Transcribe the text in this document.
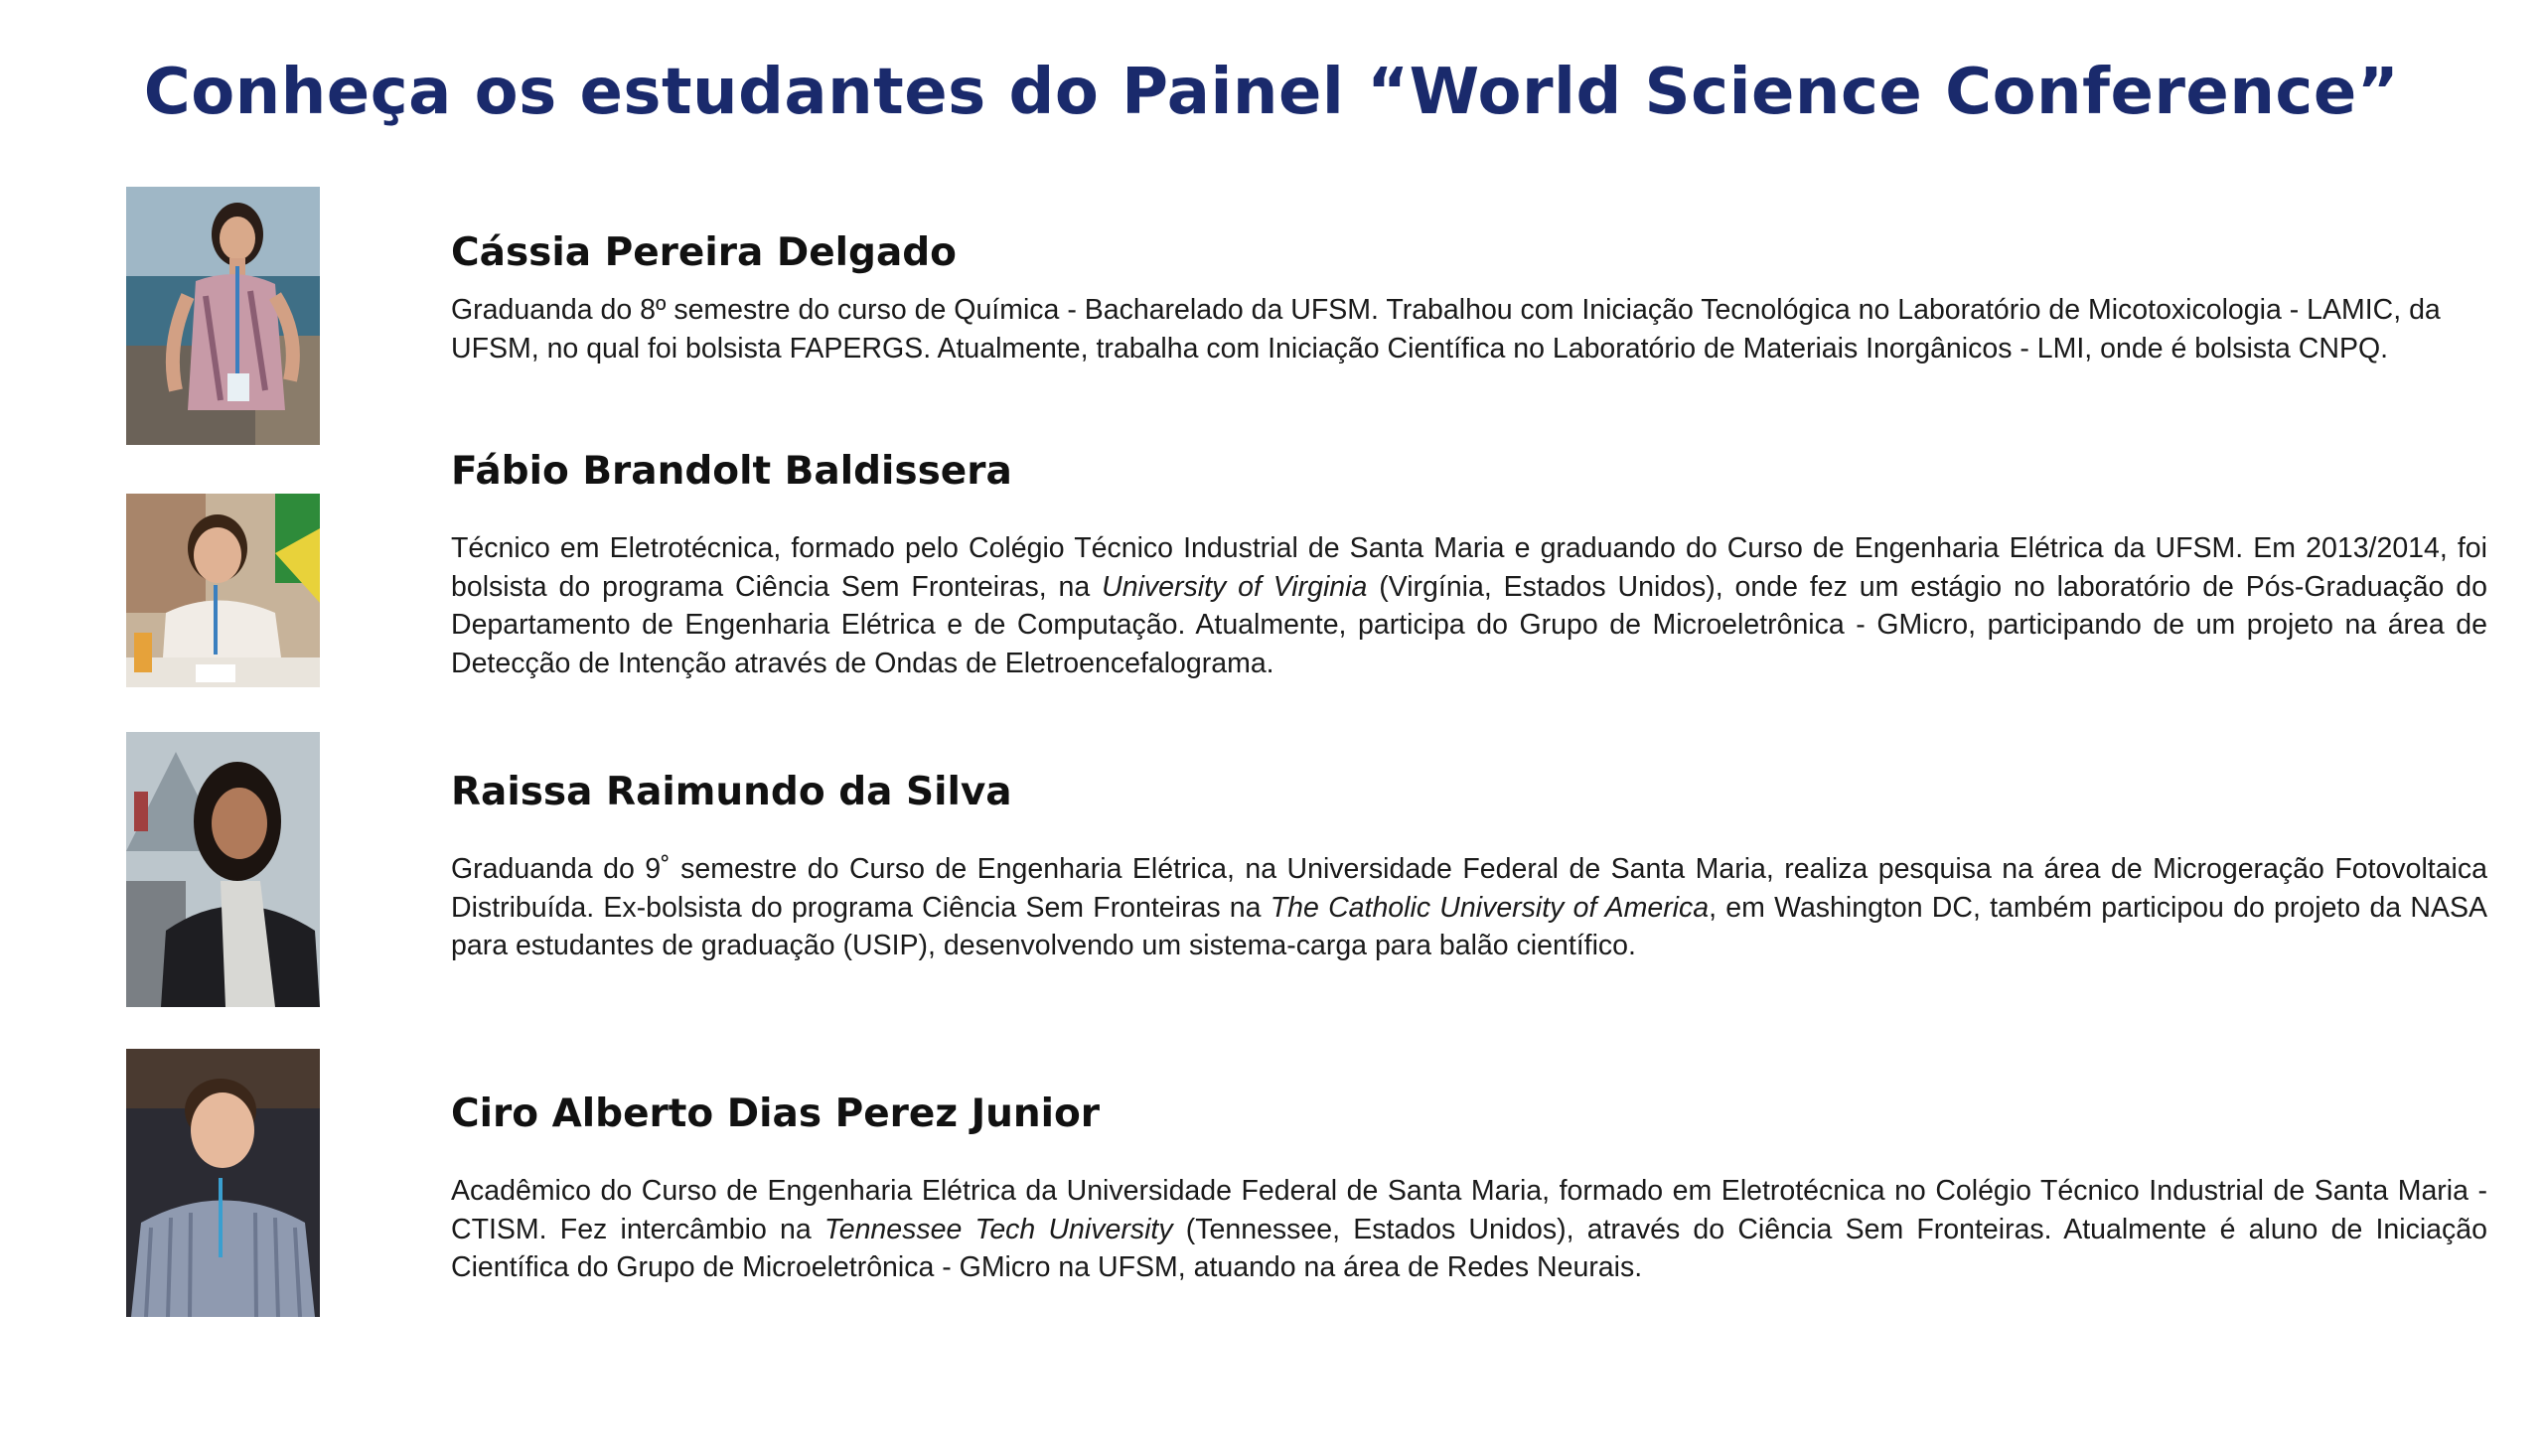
Conheça os estudantes do Painel “World Science Conference”
Cássia Pereira Delgado

Graduanda do 8º semestre do curso de Química - Bacharelado da UFSM. Trabalhou com Iniciação Tecnológica no Laboratório de Micotoxicologia - LAMIC, da UFSM, no qual foi bolsista FAPERGS. Atualmente, trabalha com Iniciação Científica no Laboratório de Materiais Inorgânicos - LMI, onde é bolsista CNPQ.

Fábio Brandolt Baldissera

Técnico em Eletrotécnica, formado pelo Colégio Técnico Industrial de Santa Maria e graduando do Curso de Engenharia Elétrica da UFSM. Em 2013/2014, foi bolsista do programa Ciência Sem Fronteiras, na University of Virginia (Virgínia, Estados Unidos), onde fez um estágio no laboratório de Pós-Graduação do Departamento de Engenharia Elétrica e de Computação. Atualmente, participa do Grupo de Microeletrônica - GMicro, participando de um projeto na área de Detecção de Intenção através de Ondas de Eletroencefalograma.

Raissa Raimundo da Silva

Graduanda do 9˚ semestre do Curso de Engenharia Elétrica, na Universidade Federal de Santa Maria, realiza pesquisa na área de Microgeração Fotovoltaica Distribuída. Ex-bolsista do programa Ciência Sem Fronteiras na The Catholic University of America, em Washington DC, também participou do projeto da NASA para estudantes de graduação (USIP), desenvolvendo um sistema-carga para balão científico.

Ciro Alberto Dias Perez Junior

Acadêmico do Curso de Engenharia Elétrica da Universidade Federal de Santa Maria, formado em Eletrotécnica no Colégio Técnico Industrial de Santa Maria - CTISM. Fez intercâmbio na Tennessee Tech University (Tennessee, Estados Unidos), através do Ciência Sem Fronteiras. Atualmente é aluno de Iniciação Científica do Grupo de Microeletrônica - GMicro na UFSM, atuando na área de Redes Neurais.
